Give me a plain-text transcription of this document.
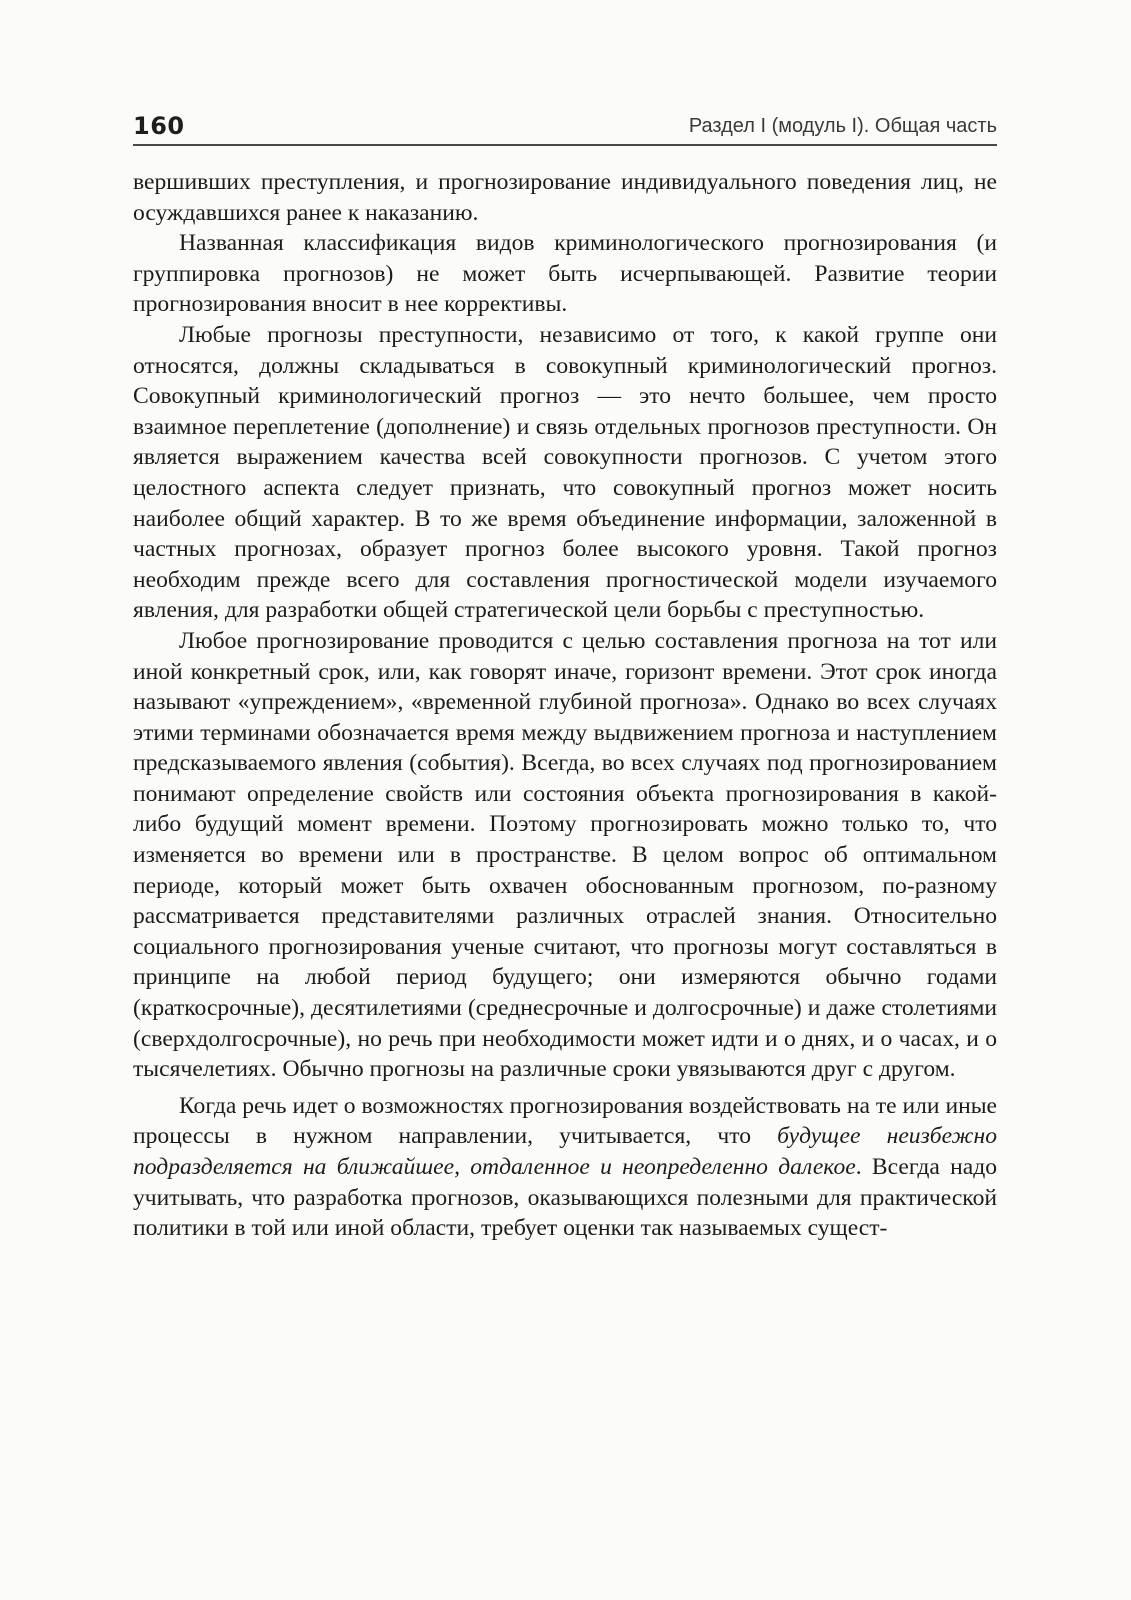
160	Раздел I (модуль I). Общая часть

вершивших преступления, и прогнозирование индивидуального поведения лиц, не осуждавшихся ранее к наказанию.

Названная классификация видов криминологического прогнозирования (и группировка прогнозов) не может быть исчерпывающей. Развитие теории прогнозирования вносит в нее коррективы.

Любые прогнозы преступности, независимо от того, к какой группе они относятся, должны складываться в совокупный криминологический прогноз. Совокупный криминологический прогноз — это нечто большее, чем просто взаимное переплетение (дополнение) и связь отдельных прогнозов преступности. Он является выражением качества всей совокупности прогнозов. С учетом этого целостного аспекта следует признать, что совокупный прогноз может носить наиболее общий характер. В то же время объединение информации, заложенной в частных прогнозах, образует прогноз более высокого уровня. Такой прогноз необходим прежде всего для составления прогностической модели изучаемого явления, для разработки общей стратегической цели борьбы с преступностью.

Любое прогнозирование проводится с целью составления прогноза на тот или иной конкретный срок, или, как говорят иначе, горизонт времени. Этот срок иногда называют «упреждением», «временной глубиной прогноза». Однако во всех случаях этими терминами обозначается время между выдвижением прогноза и наступлением предсказываемого явления (события). Всегда, во всех случаях под прогнозированием понимают определение свойств или состояния объекта прогнозирования в какой-либо будущий момент времени. Поэтому прогнозировать можно только то, что изменяется во времени или в пространстве. В целом вопрос об оптимальном периоде, который может быть охвачен обоснованным прогнозом, по-разному рассматривается представителями различных отраслей знания. Относительно социального прогнозирования ученые считают, что прогнозы могут составляться в принципе на любой период будущего; они измеряются обычно годами (краткосрочные), десятилетиями (среднесрочные и долгосрочные) и даже столетиями (сверхдолгосрочные), но речь при необходимости может идти и о днях, и о часах, и о тысячелетиях. Обычно прогнозы на различные сроки увязываются друг с другом.

Когда речь идет о возможностях прогнозирования воздействовать на те или иные процессы в нужном направлении, учитывается, что будущее неизбежно подразделяется на ближайшее, отдаленное и неопределенно далекое. Всегда надо учитывать, что разработка прогнозов, оказывающихся полезными для практической политики в той или иной области, требует оценки так называемых сущест-
